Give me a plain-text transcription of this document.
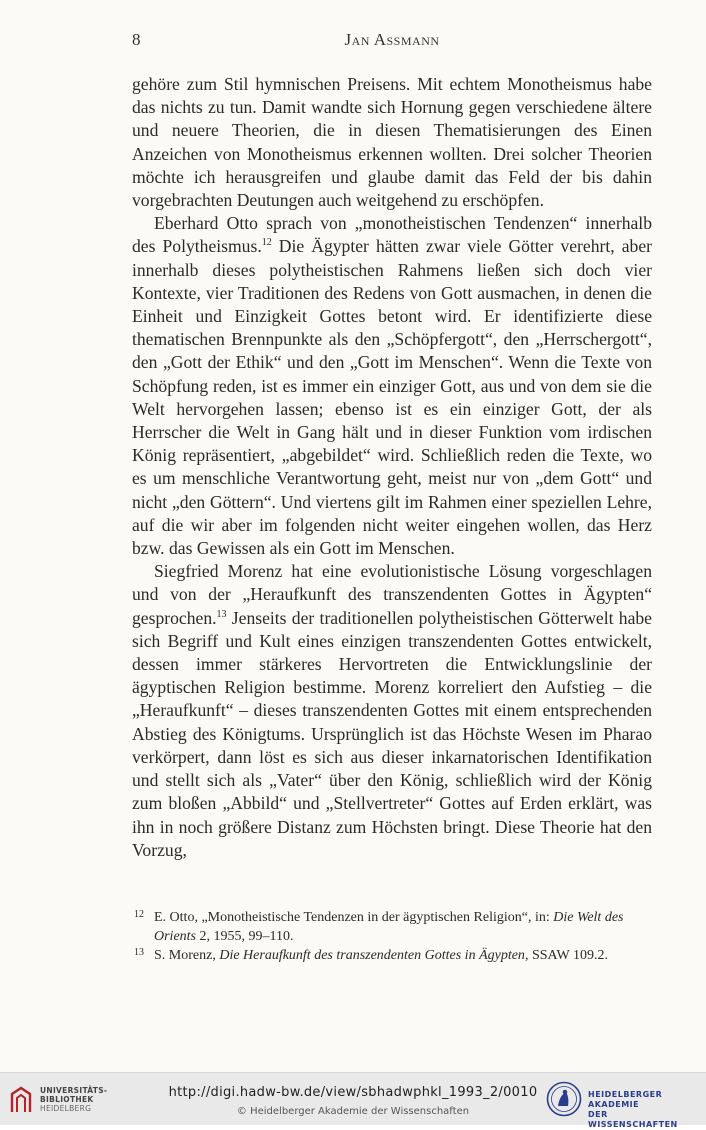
8	Jan Assmann

gehöre zum Stil hymnischen Preisens. Mit echtem Monotheismus habe das nichts zu tun. Damit wandte sich Hornung gegen verschiedene ältere und neuere Theorien, die in diesen Thematisierungen des Einen Anzeichen von Monotheismus erkennen wollten. Drei solcher Theorien möchte ich herausgreifen und glaube damit das Feld der bis dahin vorgebrachten Deutungen auch weitgehend zu erschöpfen.

Eberhard Otto sprach von „monotheistischen Tendenzen“ innerhalb des Polytheismus.$^{12}$ Die Ägypter hätten zwar viele Götter verehrt, aber innerhalb dieses polytheistischen Rahmens ließen sich doch vier Kontexte, vier Traditionen des Redens von Gott ausmachen, in denen die Einheit und Einzigkeit Gottes betont wird. Er identifizierte diese thematischen Brennpunkte als den „Schöpfergott“, den „Herrschergott“, den „Gott der Ethik“ und den „Gott im Menschen“. Wenn die Texte von Schöpfung reden, ist es immer ein einziger Gott, aus und von dem sie die Welt hervorgehen lassen; ebenso ist es ein einziger Gott, der als Herrscher die Welt in Gang hält und in dieser Funktion vom irdischen König repräsentiert, „abgebildet“ wird. Schließlich reden die Texte, wo es um menschliche Verantwortung geht, meist nur von „dem Gott“ und nicht „den Göttern“. Und viertens gilt im Rahmen einer speziellen Lehre, auf die wir aber im folgenden nicht weiter eingehen wollen, das Herz bzw. das Gewissen als ein Gott im Menschen.

Siegfried Morenz hat eine evolutionistische Lösung vorgeschlagen und von der „Heraufkunft des transzendenten Gottes in Ägypten“ gesprochen.$^{13}$ Jenseits der traditionellen polytheistischen Götterwelt habe sich Begriff und Kult eines einzigen transzendenten Gottes entwickelt, dessen immer stärkeres Hervortreten die Entwicklungslinie der ägyptischen Religion bestimme. Morenz korreliert den Aufstieg – die „Heraufkunft“ – dieses transzendenten Gottes mit einem entsprechenden Abstieg des Königtums. Ursprünglich ist das Höchste Wesen im Pharao verkörpert, dann löst es sich aus dieser inkarnatorischen Identifikation und stellt sich als „Vater“ über den König, schließlich wird der König zum bloßen „Abbild“ und „Stellvertreter“ Gottes auf Erden erklärt, was ihn in noch größere Distanz zum Höchsten bringt. Diese Theorie hat den Vorzug,

12 E. Otto, „Monotheistische Tendenzen in der ägyptischen Religion“, in: Die Welt des Orients 2, 1955, 99–110.
13 S. Morenz, Die Heraufkunft des transzendenten Gottes in Ägypten, SSAW 109.2.
UNIVERSITÄTS-
BIBLIOTHEK
HEIDELBERG
http://digi.hadw-bw.de/view/sbhadwphkl_1993_2/0010
© Heidelberger Akademie der Wissenschaften
HEIDELBERGER AKADEMIE
DER WISSENSCHAFTEN
